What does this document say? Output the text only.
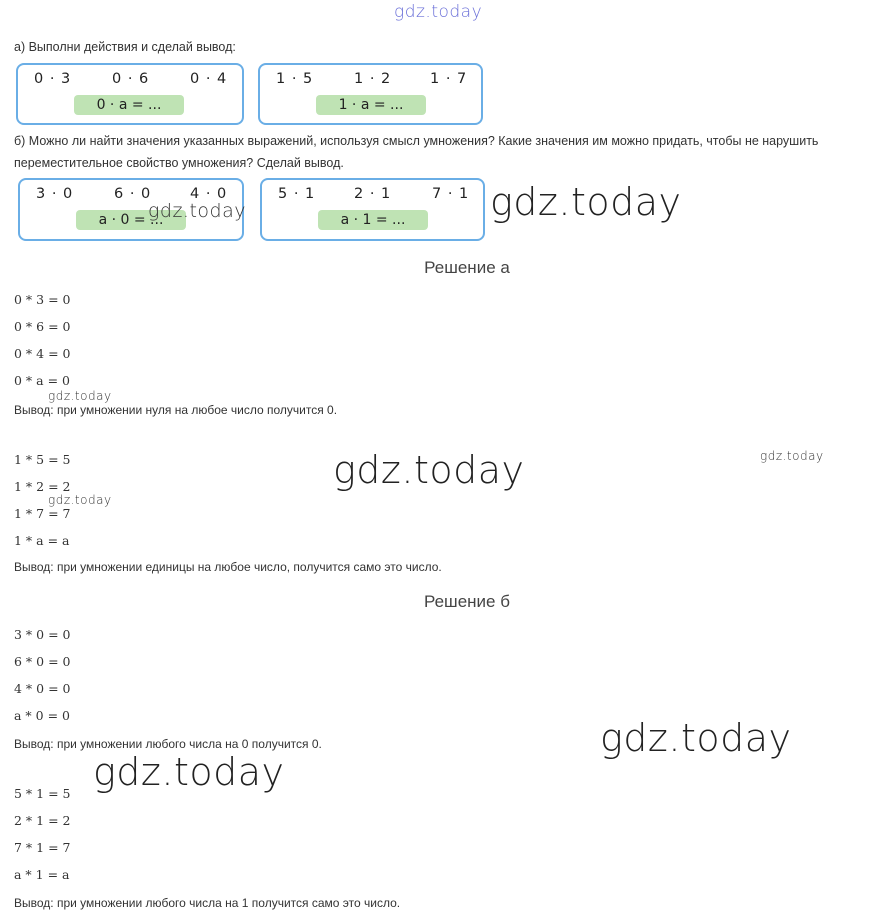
gdz.today
а) Выполни действия и сделай вывод:
0 · 3	0 · 6	0 · 4
0 · a = ...
1 · 5	1 · 2	1 · 7
1 · a = ...
б) Можно ли найти значения указанных выражений, используя смысл умножения? Какие значения им можно придать, чтобы не нарушить
переместительное свойство умножения? Сделай вывод.
3 · 0	6 · 0	4 · 0
a · 0 = ...
5 · 1	2 · 1	7 · 1
a · 1 = ...
gdz.today	gdz.today
Решение а
0 * 3 = 0
0 * 6 = 0
0 * 4 = 0
0 * a = 0
gdz.today
Вывод: при умножении нуля на любое число получится 0.
1 * 5 = 5
1 * 2 = 2
gdz.today
1 * 7 = 7
1 * a = a
Вывод: при умножении единицы на любое число, получится само это число.
gdz.today	gdz.today
Решение б
3 * 0 = 0
6 * 0 = 0
4 * 0 = 0
a * 0 = 0
Вывод: при умножении любого числа на 0 получится 0.	gdz.today
gdz.today
5 * 1 = 5
2 * 1 = 2
7 * 1 = 7
a * 1 = a
Вывод: при умножении любого числа на 1 получится само это число.
